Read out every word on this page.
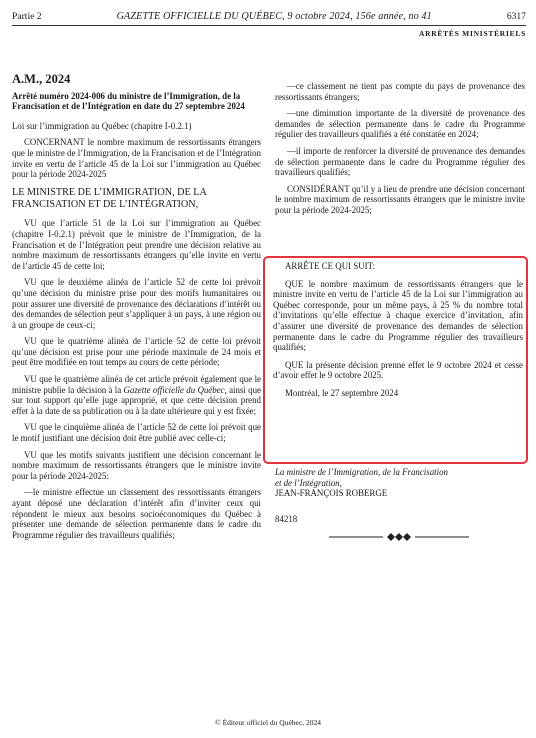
Partie 2	GAZETTE OFFICIELLE DU QUÉBEC, 9 octobre 2024, 156e année, no 41	6317
ARRÊTÉS MINISTÉRIELS

A.M., 2024

Arrêté numéro 2024-006 du ministre de l’Immigration, de la Francisation et de l’Intégration en date du 27 septembre 2024

Loi sur l’immigration au Québec (chapitre I-0.2.1)

CONCERNANT le nombre maximum de ressortissants étrangers que le ministre de l’Immigration, de la Francisation et de l’Intégration invite en vertu de l’article 45 de la Loi sur l’immigration au Québec pour la période 2024-2025

LE MINISTRE DE L’IMMIGRATION, DE LA FRANCISATION ET DE L’INTÉGRATION,

VU que l’article 51 de la Loi sur l’immigration au Québec (chapitre I-0.2.1) prévoit que le ministre de l’Immigration, de la Francisation et de l’Intégration peut prendre une décision relative au nombre maximum de ressortissants étrangers qu’elle invite en vertu de l’article 45 de cette loi;

VU que le deuxième alinéa de l’article 52 de cette loi prévoit qu’une décision du ministre prise pour des motifs humanitaires ou pour assurer une diversité de provenance des déclarations d’intérêt ou des demandes de sélection peut s’appliquer à un pays, à une région ou à un groupe de ceux-ci;

VU que le quatrième alinéa de l’article 52 de cette loi prévoit qu’une décision est prise pour une période maximale de 24 mois et peut être modifiée en tout temps au cours de cette période;

VU que le quatrième alinéa de cet article prévoit également que le ministre publie la décision à la Gazette officielle du Québec, ainsi que sur tout support qu’elle juge approprié, et que cette décision prend effet à la date de sa publication ou à la date ultérieure qui y est fixée;

VU que le cinquième alinéa de l’article 52 de cette loi prévoit que le motif justifiant une décision doit être publié avec celle-ci;

VU que les motifs suivants justifient une décision concernant le nombre maximum de ressortissants étrangers que le ministre invite pour la période 2024-2025:

—le ministre effectue un classement des ressortissants étrangers ayant déposé une déclaration d’intérêt afin d’inviter ceux qui répondent le mieux aux besoins socioéconomiques du Québec à présenter une demande de sélection permanente dans le cadre du Programme régulier des travailleurs qualifiés;

—ce classement ne tient pas compte du pays de provenance des ressortissants étrangers;

—une diminution importante de la diversité de provenance des demandes de sélection permanente dans le cadre du Programme régulier des travailleurs qualifiés a été constatée en 2024;

—il importe de renforcer la diversité de provenance des demandes de sélection permanente dans le cadre du Programme régulier des travailleurs qualifiés;

CONSIDÉRANT qu’il y a lieu de prendre une décision concernant le nombre maximum de ressortissants étrangers que le ministre invite pour la période 2024-2025;

ARRÊTE CE QUI SUIT:

QUE le nombre maximum de ressortissants étrangers que le ministre invite en vertu de l’article 45 de la Loi sur l’immigration au Québec corresponde, pour un même pays, à 25 % du nombre total d’invitations qu’elle effectue à chaque exercice d’invitation, afin d’assurer une diversité de provenance des demandes de sélection permanente dans le cadre du Programme régulier des travailleurs qualifiés;

QUE la présente décision prenne effet le 9 octobre 2024 et cesse d’avoir effet le 9 octobre 2025.

Montréal, le 27 septembre 2024

La ministre de l’Immigration, de la Francisation

et de l’Intégration,

JEAN-FRANÇOIS ROBERGE

84218
© Éditeur officiel du Québec, 2024
